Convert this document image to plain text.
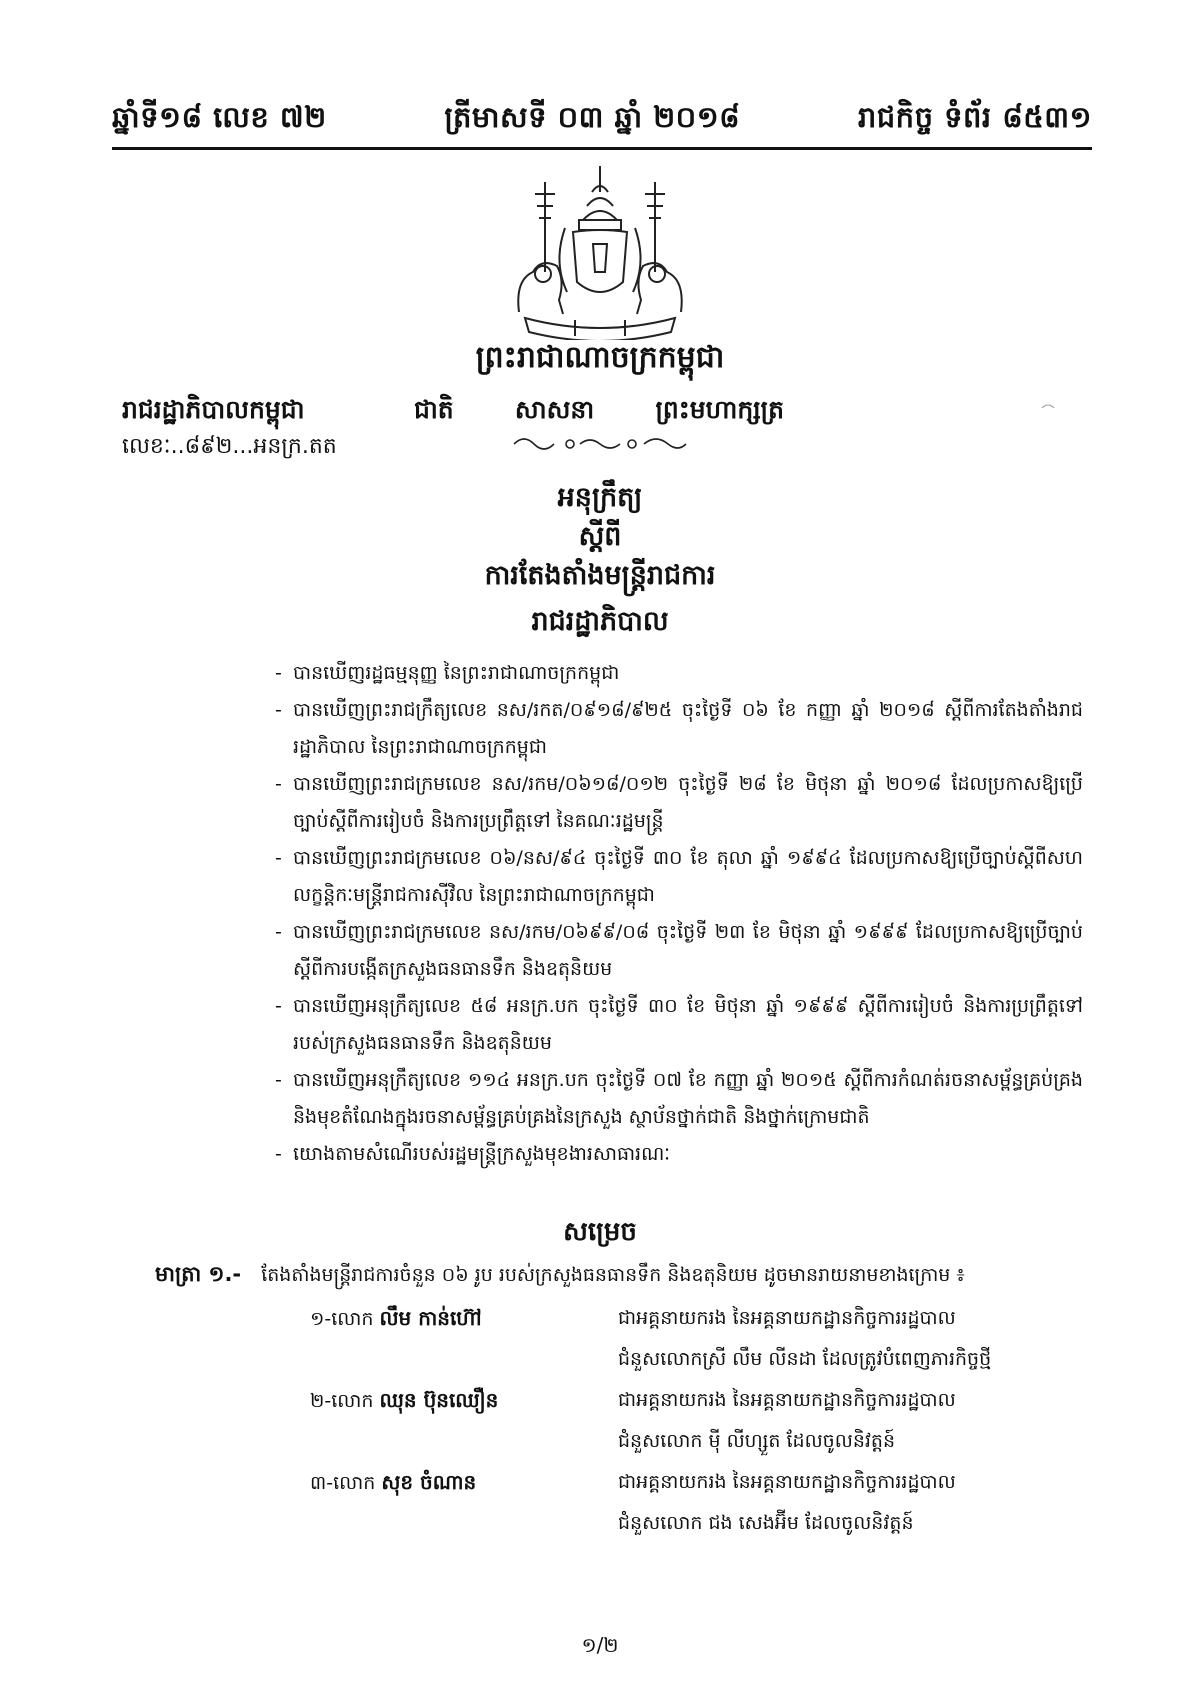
ឆ្នាំទី១៨ លេខ ៧២	ត្រីមាសទី ០៣ ឆ្នាំ ២០១៨	រាជកិច្ច ទំព័រ ៨៥៣១
ព្រះរាជាណាចក្រកម្ពុជា
រាជរដ្ឋាភិបាលកម្ពុជា	ជាតិ សាសនា ព្រះមហាក្សត្រ
លេខៈ..៨៩២...អនក្រ.តត
អនុក្រឹត្យ
ស្តីពី
ការតែងតាំងមន្ត្រីរាជការ
រាជរដ្ឋាភិបាល
- បានឃើញរដ្ឋធម្មនុញ្ញ នៃព្រះរាជាណាចក្រកម្ពុជា
- បានឃើញព្រះរាជក្រឹត្យលេខ នស/រកត/០៩១៨/៩២៥ ចុះថ្ងៃទី ០៦ ខែ កញ្ញា ឆ្នាំ ២០១៨ ស្តីពីការតែងតាំងរាជរដ្ឋាភិបាល នៃព្រះរាជាណាចក្រកម្ពុជា
- បានឃើញព្រះរាជក្រមលេខ នស/រកម/០៦១៨/០១២ ចុះថ្ងៃទី ២៨ ខែ មិថុនា ឆ្នាំ ២០១៨ ដែលប្រកាសឱ្យប្រើច្បាប់ស្តីពីការរៀបចំ និងការប្រព្រឹត្តទៅ នៃគណៈរដ្ឋមន្ត្រី
- បានឃើញព្រះរាជក្រមលេខ ០៦/នស/៩៤ ចុះថ្ងៃទី ៣០ ខែ តុលា ឆ្នាំ ១៩៩៤ ដែលប្រកាសឱ្យប្រើច្បាប់ស្តីពីសហលក្ខន្តិកៈមន្ត្រីរាជការស៊ីវិល នៃព្រះរាជាណាចក្រកម្ពុជា
- បានឃើញព្រះរាជក្រមលេខ នស/រកម/០៦៩៩/០៨ ចុះថ្ងៃទី ២៣ ខែ មិថុនា ឆ្នាំ ១៩៩៩ ដែលប្រកាសឱ្យប្រើច្បាប់ស្តីពីការបង្កើតក្រសួងធនធានទឹក និងឧតុនិយម
- បានឃើញអនុក្រឹត្យលេខ ៥៨ អនក្រ.បក ចុះថ្ងៃទី ៣០ ខែ មិថុនា ឆ្នាំ ១៩៩៩ ស្តីពីការរៀបចំ និងការប្រព្រឹត្តទៅរបស់ក្រសួងធនធានទឹក និងឧតុនិយម
- បានឃើញអនុក្រឹត្យលេខ ១១៤ អនក្រ.បក ចុះថ្ងៃទី ០៧ ខែ កញ្ញា ឆ្នាំ ២០១៥ ស្តីពីការកំណត់រចនាសម្ព័ន្ធគ្រប់គ្រង និងមុខតំណែងក្នុងរចនាសម្ព័ន្ធគ្រប់គ្រងនៃក្រសួង ស្ថាប័នថ្នាក់ជាតិ និងថ្នាក់ក្រោមជាតិ
- យោងតាមសំណើរបស់រដ្ឋមន្ត្រីក្រសួងមុខងារសាធារណៈ
សម្រេច
មាត្រា ១.- តែងតាំងមន្ត្រីរាជការចំនួន ០៦ រូប របស់ក្រសួងធនធានទឹក និងឧតុនិយម ដូចមានរាយនាមខាងក្រោម ៖
១-លោក លឹម កាន់ហ៊ៅ	ជាអគ្គនាយករង នៃអគ្គនាយកដ្ឋានកិច្ចការរដ្ឋបាល
ជំនួសលោកស្រី លឹម លីនដា ដែលត្រូវបំពេញភារកិច្ចថ្មី
២-លោក ឈុន ប៊ុនឈឿន	ជាអគ្គនាយករង នៃអគ្គនាយកដ្ឋានកិច្ចការរដ្ឋបាល
ជំនួសលោក ម៉ី លីហ្សួត ដែលចូលនិវត្តន៍
៣-លោក សុខ ចំណាន	ជាអគ្គនាយករង នៃអគ្គនាយកដ្ឋានកិច្ចការរដ្ឋបាល
ជំនួសលោក ជង សេងអ៊ីម ដែលចូលនិវត្តន៍
១/២
